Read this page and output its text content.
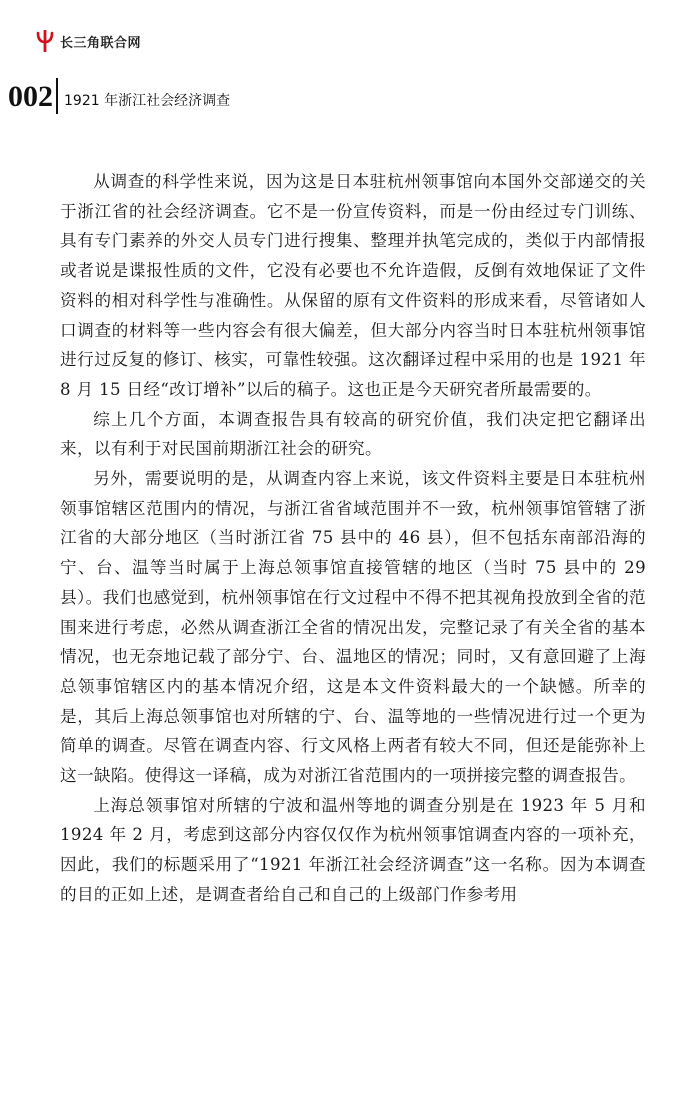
长三角联合网
002 1921 年浙江社会经济调查

从调查的科学性来说，因为这是日本驻杭州领事馆向本国外交部递交的关于浙江省的社会经济调查。它不是一份宣传资料，而是一份由经过专门训练、具有专门素养的外交人员专门进行搜集、整理并执笔完成的，类似于内部情报或者说是谍报性质的文件，它没有必要也不允许造假，反倒有效地保证了文件资料的相对科学性与准确性。从保留的原有文件资料的形成来看，尽管诸如人口调查的材料等一些内容会有很大偏差，但大部分内容当时日本驻杭州领事馆进行过反复的修订、核实，可靠性较强。这次翻译过程中采用的也是 1921 年 8 月 15 日经“改订增补”以后的稿子。这也正是今天研究者所最需要的。

综上几个方面，本调查报告具有较高的研究价值，我们决定把它翻译出来，以有利于对民国前期浙江社会的研究。

另外，需要说明的是，从调查内容上来说，该文件资料主要是日本驻杭州领事馆辖区范围内的情况，与浙江省省域范围并不一致，杭州领事馆管辖了浙江省的大部分地区（当时浙江省 75 县中的 46 县），但不包括东南部沿海的宁、台、温等当时属于上海总领事馆直接管辖的地区（当时 75 县中的 29 县）。我们也感觉到，杭州领事馆在行文过程中不得不把其视角投放到全省的范围来进行考虑，必然从调查浙江全省的情况出发，完整记录了有关全省的基本情况，也无奈地记载了部分宁、台、温地区的情况；同时，又有意回避了上海总领事馆辖区内的基本情况介绍，这是本文件资料最大的一个缺憾。所幸的是，其后上海总领事馆也对所辖的宁、台、温等地的一些情况进行过一个更为简单的调查。尽管在调查内容、行文风格上两者有较大不同，但还是能弥补上这一缺陷。使得这一译稿，成为对浙江省范围内的一项拼接完整的调查报告。

上海总领事馆对所辖的宁波和温州等地的调查分别是在 1923 年 5 月和 1924 年 2 月，考虑到这部分内容仅仅作为杭州领事馆调查内容的一项补充，因此，我们的标题采用了“1921 年浙江社会经济调查”这一名称。因为本调查的目的正如上述，是调查者给自己和自己的上级部门作参考用
